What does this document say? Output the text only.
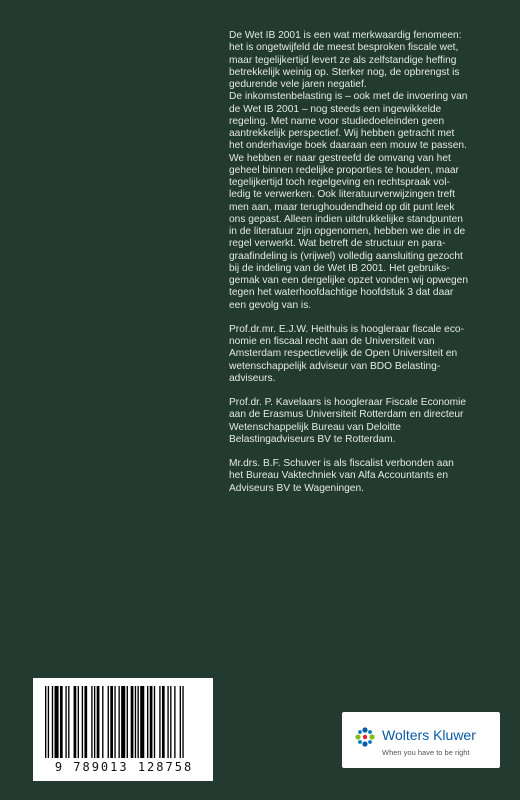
De Wet IB 2001 is een wat merkwaardig fenomeen:
het is ongetwijfeld de meest besproken fiscale wet,
maar tegelijkertijd levert ze als zelfstandige heffing
betrekkelijk weinig op. Sterker nog, de opbrengst is
gedurende vele jaren negatief.
De inkomstenbelasting is – ook met de invoering van
de Wet IB 2001 – nog steeds een ingewikkelde
regeling. Met name voor studiedoeleinden geen
aantrekkelijk perspectief. Wij hebben getracht met
het onderhavige boek daaraan een mouw te passen.
We hebben er naar gestreefd de omvang van het
geheel binnen redelijke proporties te houden, maar
tegelijkertijd toch regelgeving en rechtspraak vol-
ledig te verwerken. Ook literatuurverwijzingen treft
men aan, maar terughoudendheid op dit punt leek
ons gepast. Alleen indien uitdrukkelijke standpunten
in de literatuur zijn opgenomen, hebben we die in de
regel verwerkt. Wat betreft de structuur en para-
graafindeling is (vrijwel) volledig aansluiting gezocht
bij de indeling van de Wet IB 2001. Het gebruiks-
gemak van een dergelijke opzet vonden wij opwegen
tegen het waterhoofdachtige hoofdstuk 3 dat daar
een gevolg van is.
Prof.dr.mr. E.J.W. Heithuis is hoogleraar fiscale eco-
nomie en fiscaal recht aan de Universiteit van
Amsterdam respectievelijk de Open Universiteit en
wetenschappelijk adviseur van BDO Belasting-
adviseurs.
Prof.dr. P. Kavelaars is hoogleraar Fiscale Economie
aan de Erasmus Universiteit Rotterdam en directeur
Wetenschappelijk Bureau van Deloitte
Belastingadviseurs BV te Rotterdam.
Mr.drs. B.F. Schuver is als fiscalist verbonden aan
het Bureau Vaktechniek van Alfa Accountants en
Adviseurs BV te Wageningen.
9 789013 128758
Wolters Kluwer
When you have to be right
